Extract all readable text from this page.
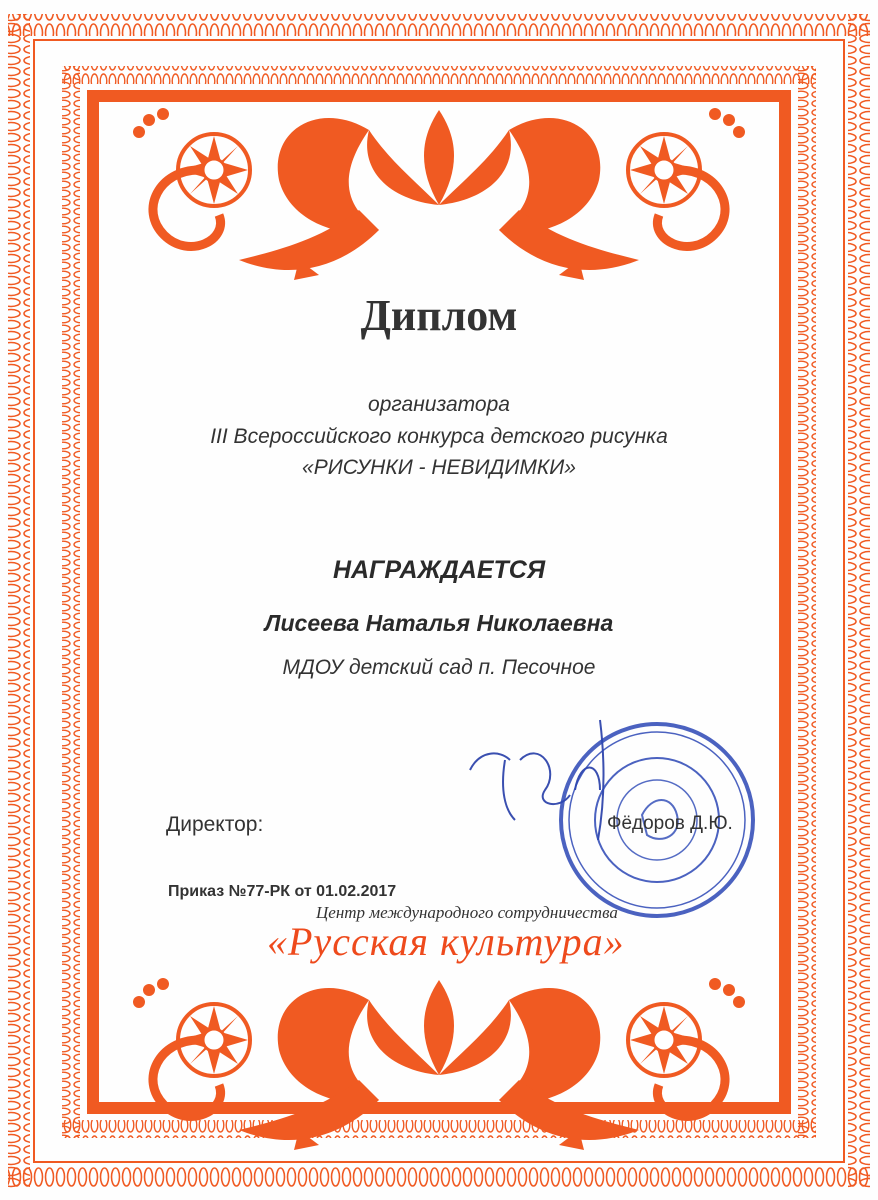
Диплом
организатора
III Всероссийского конкурса детского рисунка
«РИСУНКИ - НЕВИДИМКИ»
НАГРАЖДАЕТСЯ
Лисеева Наталья Николаевна
МДОУ детский сад п. Песочное
Директор:	Фёдоров Д.Ю.
Приказ №77-РК от 01.02.2017
Центр международного сотрудничества
«Русская культура»
